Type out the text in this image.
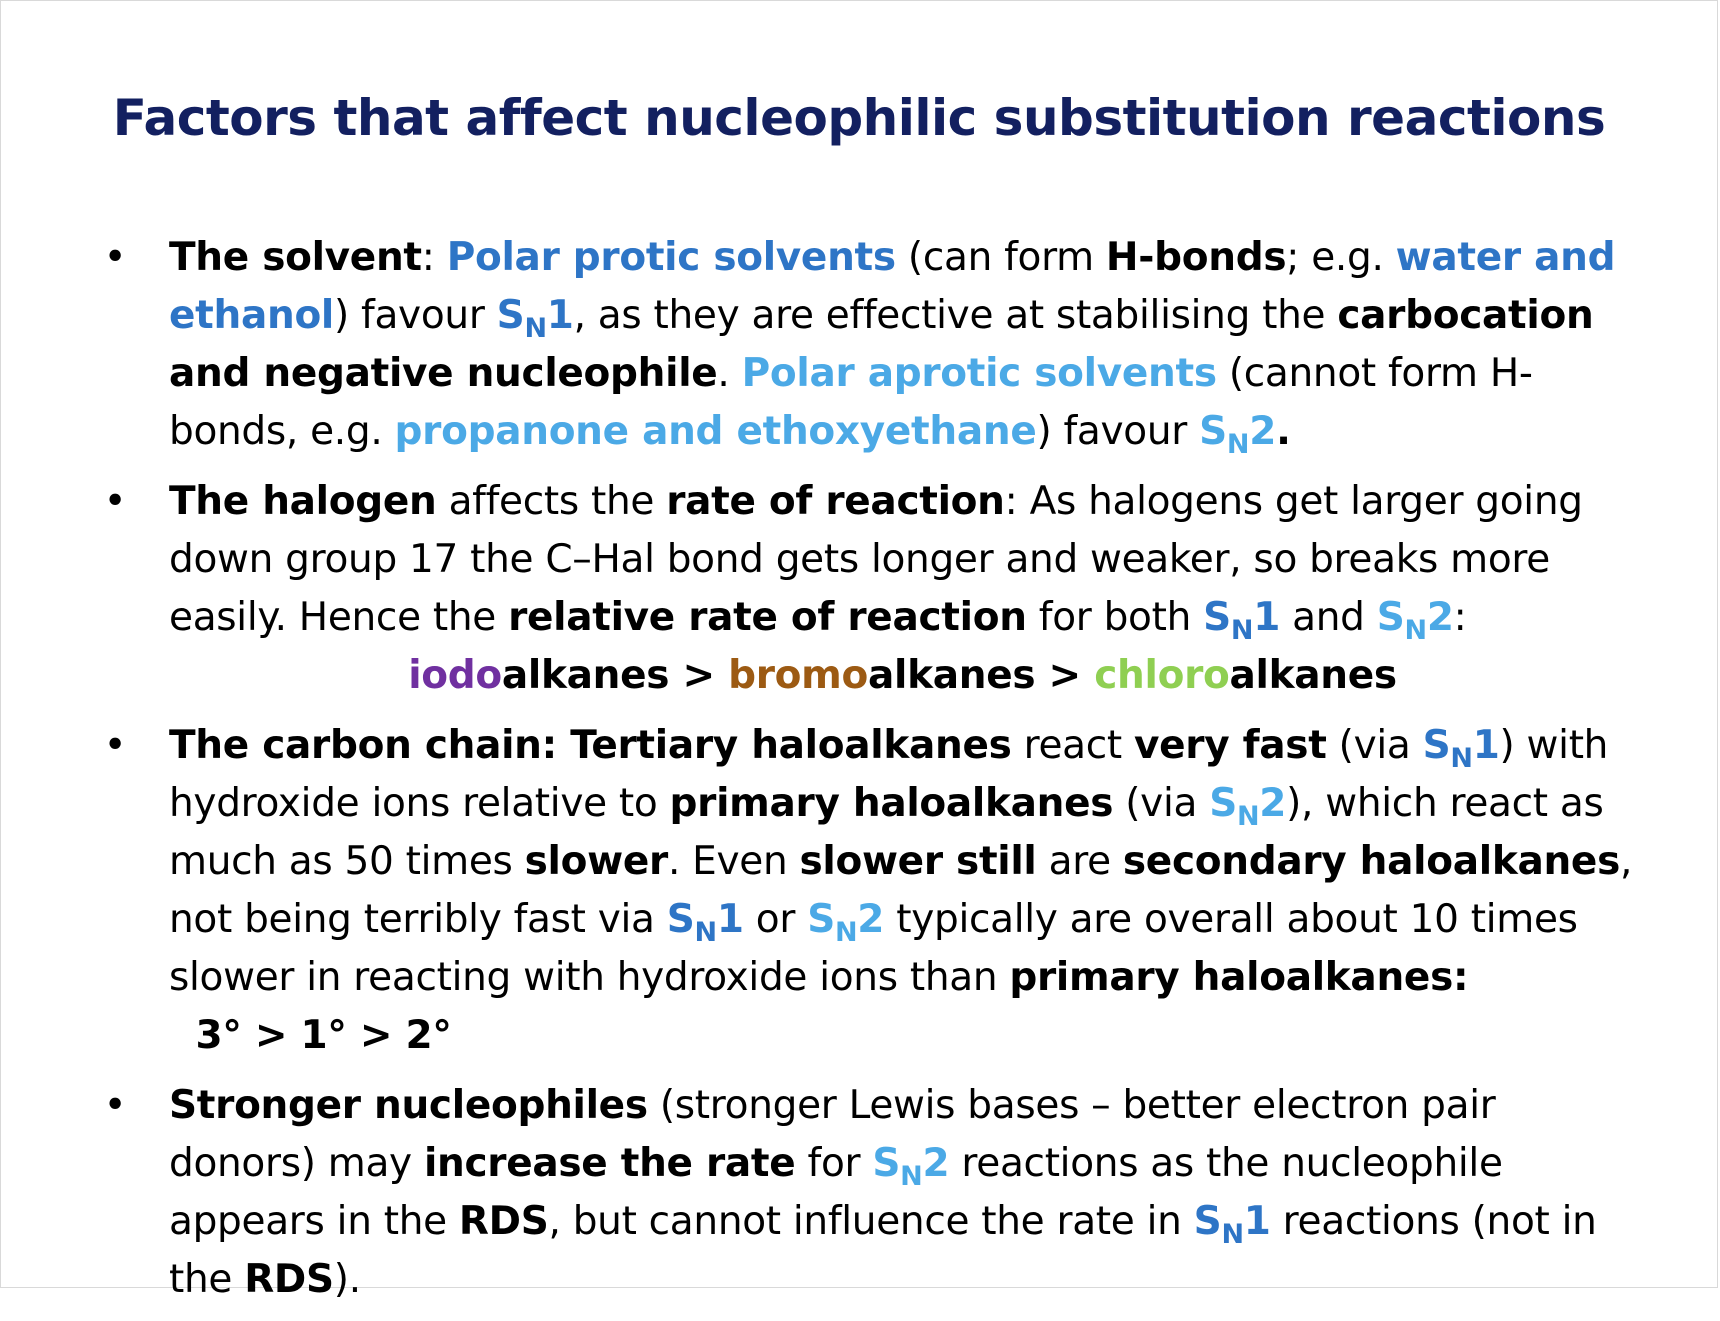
Factors that affect nucleophilic substitution reactions
• The solvent: Polar protic solvents (can form H-bonds; e.g. water and ethanol) favour $S_N1$, as they are effective at stabilising the carbocation and negative nucleophile. Polar aprotic solvents (cannot form H-bonds, e.g. propanone and ethoxyethane) favour $S_N2$.
• The halogen affects the rate of reaction: As halogens get larger going down group 17 the C–Hal bond gets longer and weaker, so breaks more easily. Hence the relative rate of reaction for both $S_N1$ and $S_N2$:
iodoalkanes > bromoalkanes > chloroalkanes
• The carbon chain: Tertiary haloalkanes react very fast (via $S_N1$) with hydroxide ions relative to primary haloalkanes (via $S_N2$), which react as much as 50 times slower. Even slower still are secondary haloalkanes, not being terribly fast via $S_N1$ or $S_N2$ typically are overall about 10 times slower in reacting with hydroxide ions than primary haloalkanes:  3° > 1° > 2°
• Stronger nucleophiles (stronger Lewis bases – better electron pair donors) may increase the rate for $S_N2$ reactions as the nucleophile appears in the RDS, but cannot influence the rate in $S_N1$ reactions (not in the RDS).
